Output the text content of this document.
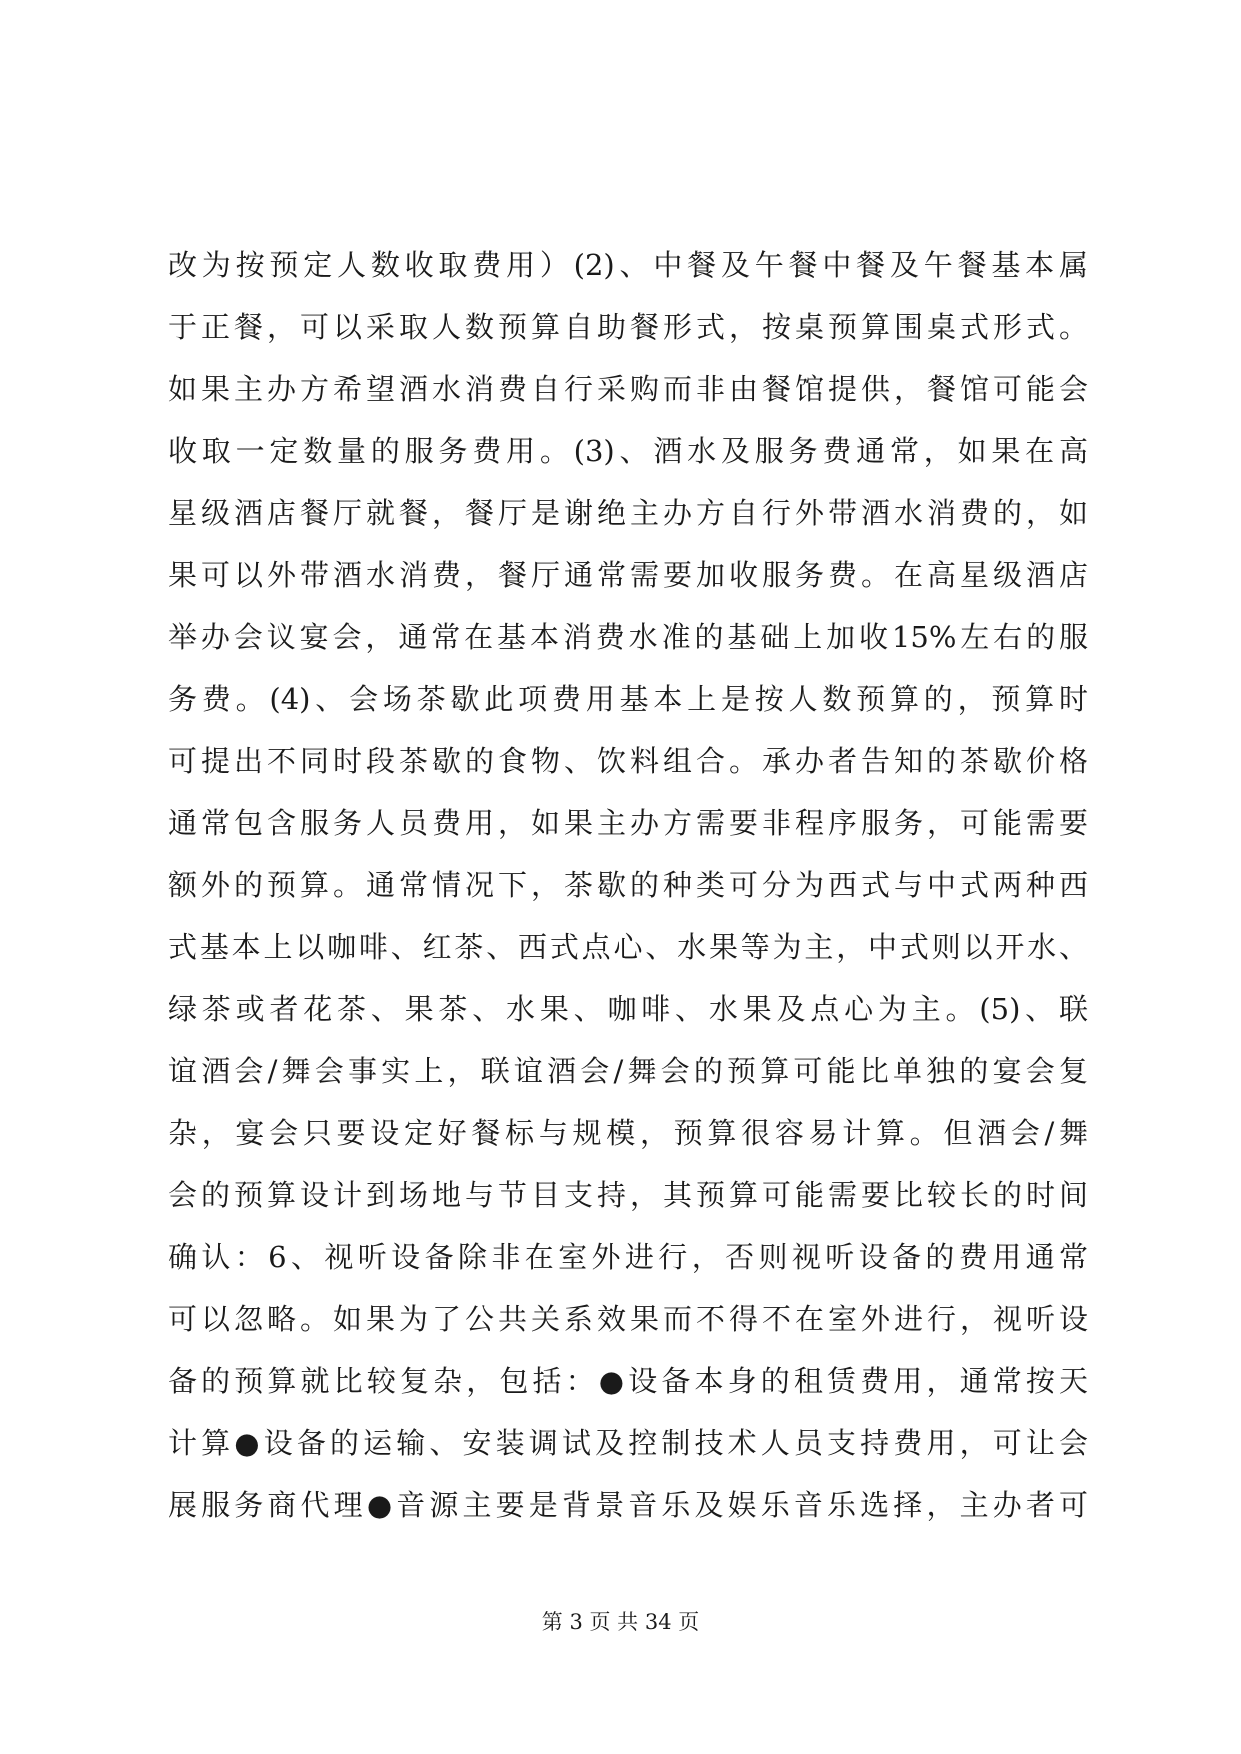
改为按预定人数收取费用）(2)、中餐及午餐中餐及午餐基本属
于正餐，可以采取人数预算自助餐形式，按桌预算围桌式形式。
如果主办方希望酒水消费自行采购而非由餐馆提供，餐馆可能会
收取一定数量的服务费用。(3)、酒水及服务费通常，如果在高
星级酒店餐厅就餐，餐厅是谢绝主办方自行外带酒水消费的，如
果可以外带酒水消费，餐厅通常需要加收服务费。在高星级酒店
举办会议宴会，通常在基本消费水准的基础上加收15%左右的服
务费。(4)、会场茶歇此项费用基本上是按人数预算的，预算时
可提出不同时段茶歇的食物、饮料组合。承办者告知的茶歇价格
通常包含服务人员费用，如果主办方需要非程序服务，可能需要
额外的预算。通常情况下，茶歇的种类可分为西式与中式两种西
式基本上以咖啡、红茶、西式点心、水果等为主，中式则以开水、
绿茶或者花茶、果茶、水果、咖啡、水果及点心为主。(5)、联
谊酒会/舞会事实上，联谊酒会/舞会的预算可能比单独的宴会复
杂，宴会只要设定好餐标与规模，预算很容易计算。但酒会/舞
会的预算设计到场地与节目支持，其预算可能需要比较长的时间
确认：6、视听设备除非在室外进行，否则视听设备的费用通常
可以忽略。如果为了公共关系效果而不得不在室外进行，视听设
备的预算就比较复杂，包括：●设备本身的租赁费用，通常按天
计算●设备的运输、安装调试及控制技术人员支持费用，可让会
展服务商代理●音源主要是背景音乐及娱乐音乐选择，主办者可
第 3 页 共 34 页
